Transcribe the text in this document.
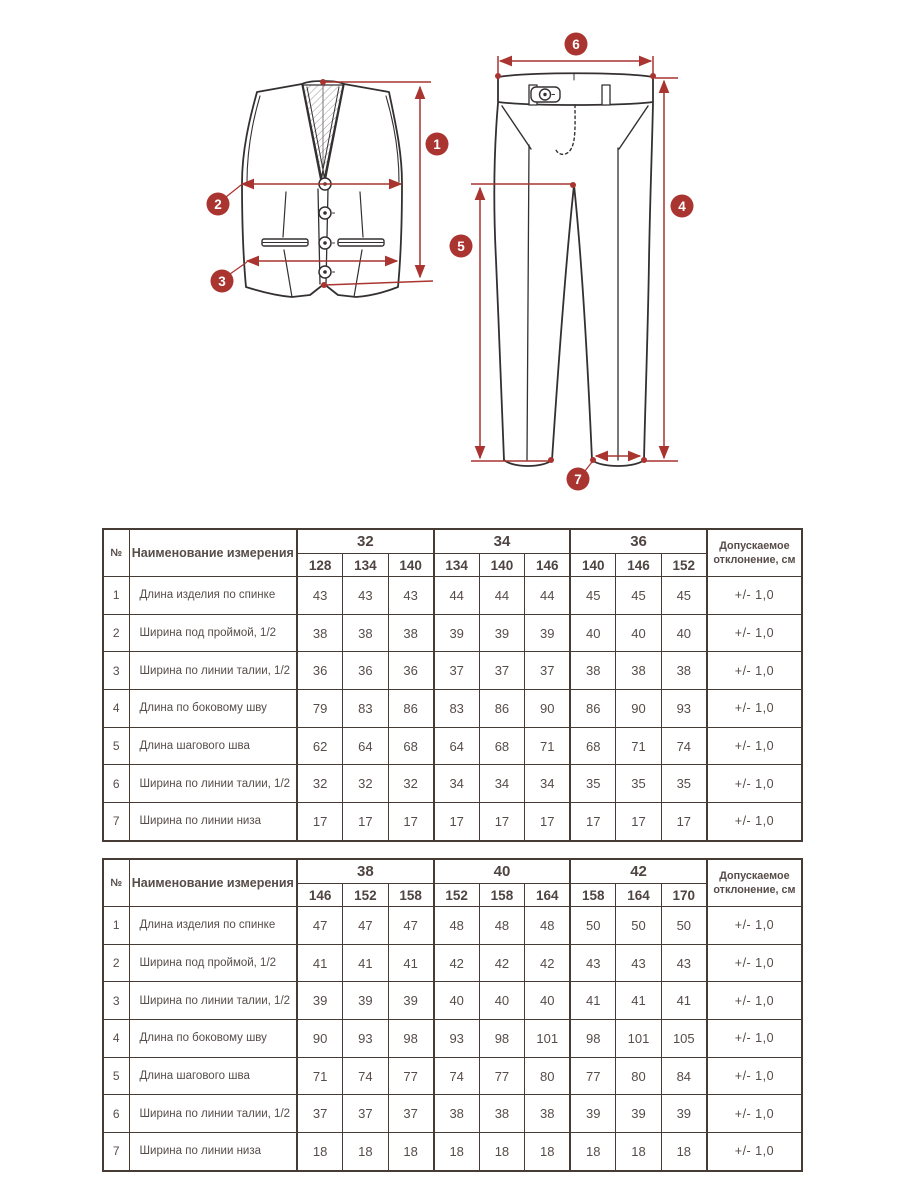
1
2
3
4
5
6
7
№	Наименование измерения	32			34			36			Допускаемое отклонение, см
		128	134	140	134	140	146	140	146	152	
1	Длина изделия по спинке	43	43	43	44	44	44	45	45	45	+/- 1,0
2	Ширина под проймой, 1/2	38	38	38	39	39	39	40	40	40	+/- 1,0
3	Ширина по линии талии, 1/2	36	36	36	37	37	37	38	38	38	+/- 1,0
4	Длина по боковому шву	79	83	86	83	86	90	86	90	93	+/- 1,0
5	Длина шагового шва	62	64	68	64	68	71	68	71	74	+/- 1,0
6	Ширина по линии талии, 1/2	32	32	32	34	34	34	35	35	35	+/- 1,0
7	Ширина по линии низа	17	17	17	17	17	17	17	17	17	+/- 1,0
№	Наименование измерения	38			40			42			Допускаемое отклонение, см
		146	152	158	152	158	164	158	164	170	
1	Длина изделия по спинке	47	47	47	48	48	48	50	50	50	+/- 1,0
2	Ширина под проймой, 1/2	41	41	41	42	42	42	43	43	43	+/- 1,0
3	Ширина по линии талии, 1/2	39	39	39	40	40	40	41	41	41	+/- 1,0
4	Длина по боковому шву	90	93	98	93	98	101	98	101	105	+/- 1,0
5	Длина шагового шва	71	74	77	74	77	80	77	80	84	+/- 1,0
6	Ширина по линии талии, 1/2	37	37	37	38	38	38	39	39	39	+/- 1,0
7	Ширина по линии низа	18	18	18	18	18	18	18	18	18	+/- 1,0
